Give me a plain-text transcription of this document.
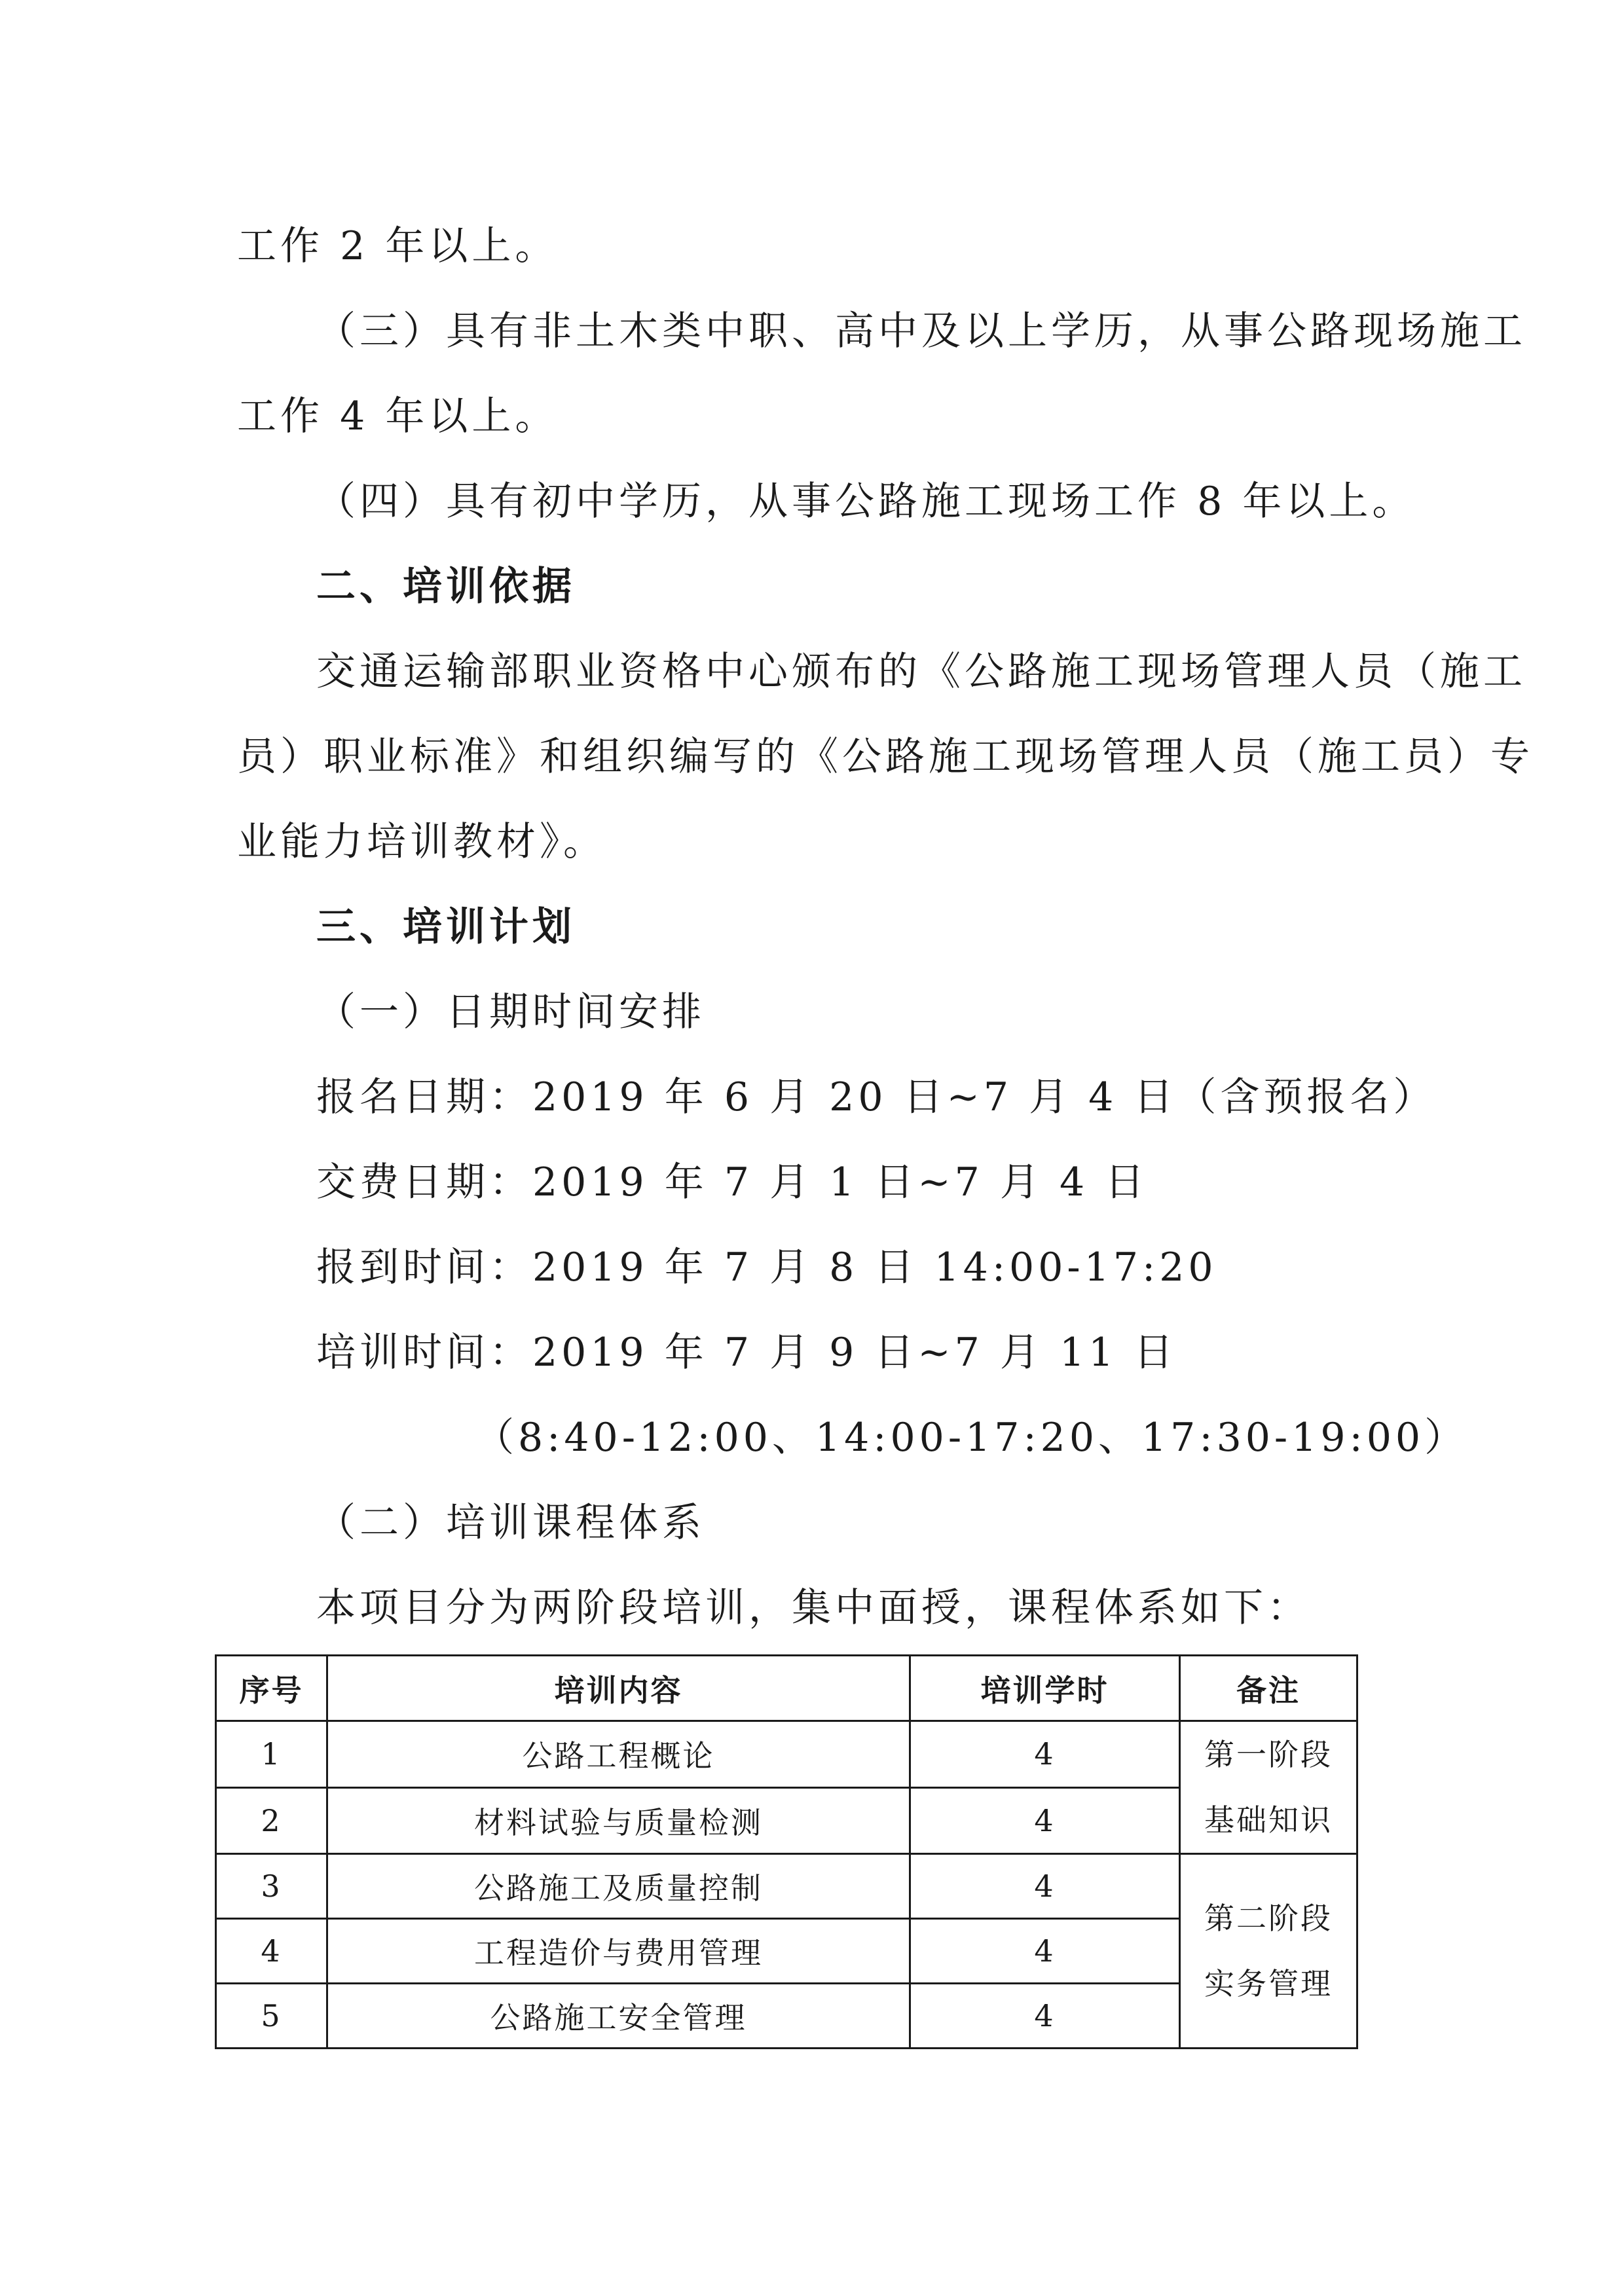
工作 2 年以上。
（三）具有非土木类中职、高中及以上学历，从事公路现场施工
工作 4 年以上。
（四）具有初中学历，从事公路施工现场工作 8 年以上。
二、培训依据
交通运输部职业资格中心颁布的《公路施工现场管理人员（施工
员）职业标准》和组织编写的《公路施工现场管理人员（施工员）专
业能力培训教材》。
三、培训计划
（一）日期时间安排
报名日期：2019 年 6 月 20 日~7 月 4 日（含预报名）
交费日期：2019 年 7 月 1 日~7 月 4 日
报到时间：2019 年 7 月 8 日 14:00-17:20
培训时间：2019 年 7 月 9 日~7 月 11 日
（8:40-12:00、14:00-17:20、17:30-19:00）
（二）培训课程体系
本项目分为两阶段培训，集中面授，课程体系如下：
序号	培训内容	培训学时	备注
1	公路工程概论	4	第一阶段
基础知识

2	材料试验与质量检测	4	
3	公路施工及质量控制	4	第二阶段
实务管理

4	工程造价与费用管理	4	
5	公路施工安全管理	4	
